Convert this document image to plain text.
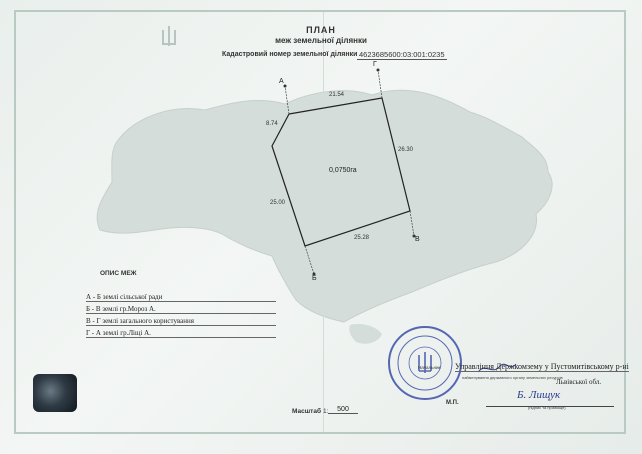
ПЛАН
меж земельної ділянки
Кадастровий номер земельної ділянки 4623685600:03:001:0235
А
Б
В
Г
21.54
26.30
25.28
25.00
8.74
0,0750га
ОПИС МЕЖ
А - Б землі сільської ради
Б - В землі гр.Мороз А.
В - Г землі загального користування
Г - А землі гр.Ліщі А.
Начальник Управління Держкомзему у Пустомитівському р-ні
найменування державного органу земельних ресурсів
Львівської обл.
Б. Лищук
(підпис та прізвище)
М.П.
Масштаб 1:	500
